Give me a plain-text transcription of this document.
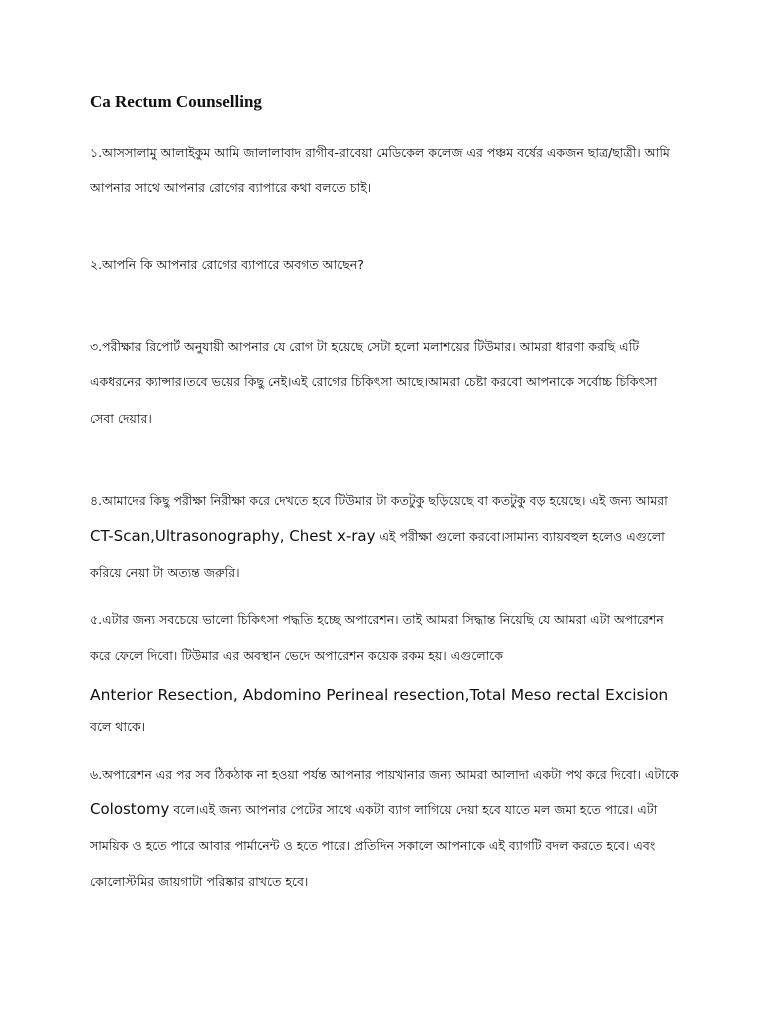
Ca Rectum Counselling

১.আসসালামু আলাইকুম আমি জালালাবাদ রাগীব-রাবেয়া মেডিকেল কলেজ এর পঞ্চম বর্ষের একজন ছাত্র/ছাত্রী। আমি

আপনার সাথে আপনার রোগের ব্যাপারে কথা বলতে চাই।

২.আপনি কি আপনার রোগের ব্যাপারে অবগত আছেন?

৩.পরীক্ষার রিপোর্ট অনুযায়ী আপনার যে রোগ টা হয়েছে সেটা হলো মলাশয়ের টিউমার। আমরা ধারণা করছি এটি

একধরনের ক্যান্সার।তবে ভয়ের কিছু নেই।এই রোগের চিকিৎসা আছে।আমরা চেষ্টা করবো আপনাকে সর্বোচ্চ চিকিৎসা

সেবা দেয়ার।

৪.আমাদের কিছু পরীক্ষা নিরীক্ষা করে দেখতে হবে টিউমার টা কতটুকু ছড়িয়েছে বা কতটুকু বড় হয়েছে। এই জন্য আমরা

CT-Scan,Ultrasonography, Chest x-ray এই পরীক্ষা গুলো করবো।সামান্য ব্যায়বহুল হলেও এগুলো

করিয়ে নেয়া টা অত্যন্ত জরুরি।

৫.এটার জন্য সবচেয়ে ভালো চিকিৎসা পদ্ধতি হচ্ছে অপারেশন। তাই আমরা সিদ্ধান্ত নিয়েছি যে আমরা এটা অপারেশন

করে ফেলে দিবো। টিউমার এর অবস্থান ভেদে অপারেশন কয়েক রকম হয়। এগুলোকে

Anterior Resection, Abdomino Perineal resection,Total Meso rectal Excision

বলে থাকে।

৬.অপারেশন এর পর সব ঠিকঠাক না হওয়া পর্যন্ত আপনার পায়খানার জন্য আমরা আলাদা একটা পথ করে দিবো। এটাকে

Colostomy বলে।এই জন্য আপনার পেটের সাথে একটা ব্যাগ লাগিয়ে দেয়া হবে যাতে মল জমা হতে পারে। এটা

সাময়িক ও হতে পারে আবার পার্মানেন্ট ও হতে পারে। প্রতিদিন সকালে আপনাকে এই ব্যাগটি বদল করতে হবে। এবং

কোলোস্টমির জায়গাটা পরিষ্কার রাখতে হবে।
